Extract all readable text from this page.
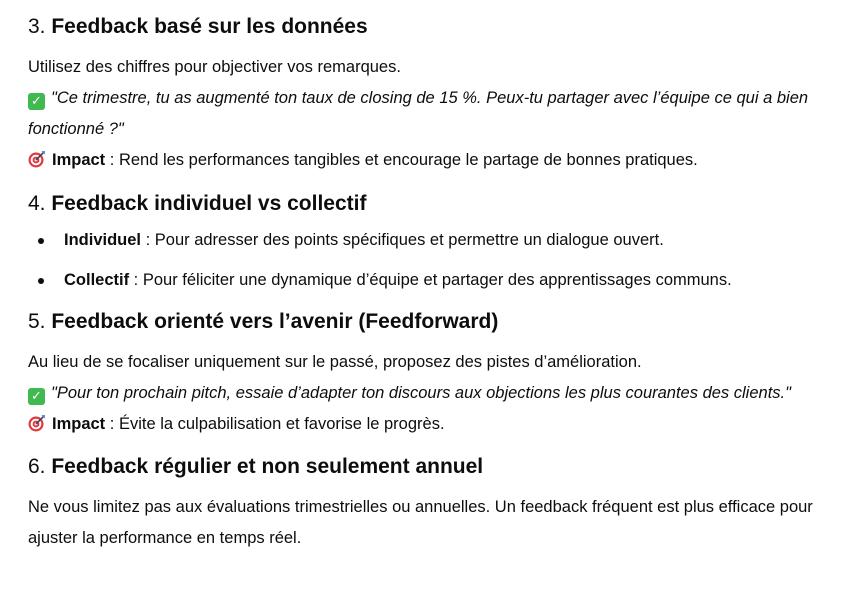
3. Feedback basé sur les données

Utilisez des chiffres pour objectiver vos remarques.

✓ "Ce trimestre, tu as augmenté ton taux de closing de 15 %. Peux-tu partager avec l’équipe ce qui a bien fonctionné ?"

Impact : Rend les performances tangibles et encourage le partage de bonnes pratiques.

4. Feedback individuel vs collectif
Individuel : Pour adresser des points spécifiques et permettre un dialogue ouvert.
Collectif : Pour féliciter une dynamique d’équipe et partager des apprentissages communs.
5. Feedback orienté vers l’avenir (Feedforward)

Au lieu de se focaliser uniquement sur le passé, proposez des pistes d’amélioration.

✓ "Pour ton prochain pitch, essaie d’adapter ton discours aux objections les plus courantes des clients."

Impact : Évite la culpabilisation et favorise le progrès.

6. Feedback régulier et non seulement annuel

Ne vous limitez pas aux évaluations trimestrielles ou annuelles. Un feedback fréquent est plus efficace pour ajuster la performance en temps réel.
